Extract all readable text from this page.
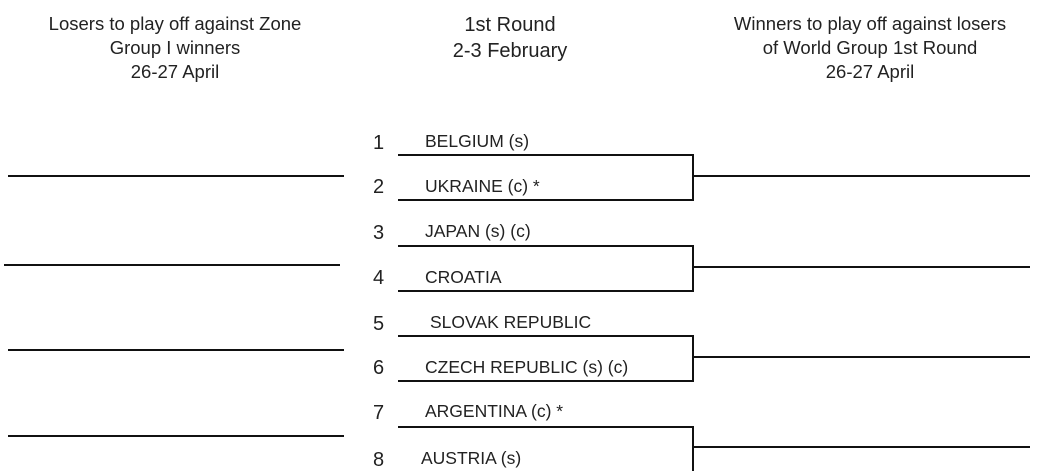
Losers to play off against Zone
Group I winners
26-27 April
1st Round
2-3 February
Winners to play off against losers
of World Group 1st Round
26-27 April
1	BELGIUM (s)
2	UKRAINE (c) *
3	JAPAN (s) (c)
4	CROATIA
5	SLOVAK REPUBLIC
6	CZECH REPUBLIC (s) (c)
7	ARGENTINA (c) *
8	AUSTRIA (s)
